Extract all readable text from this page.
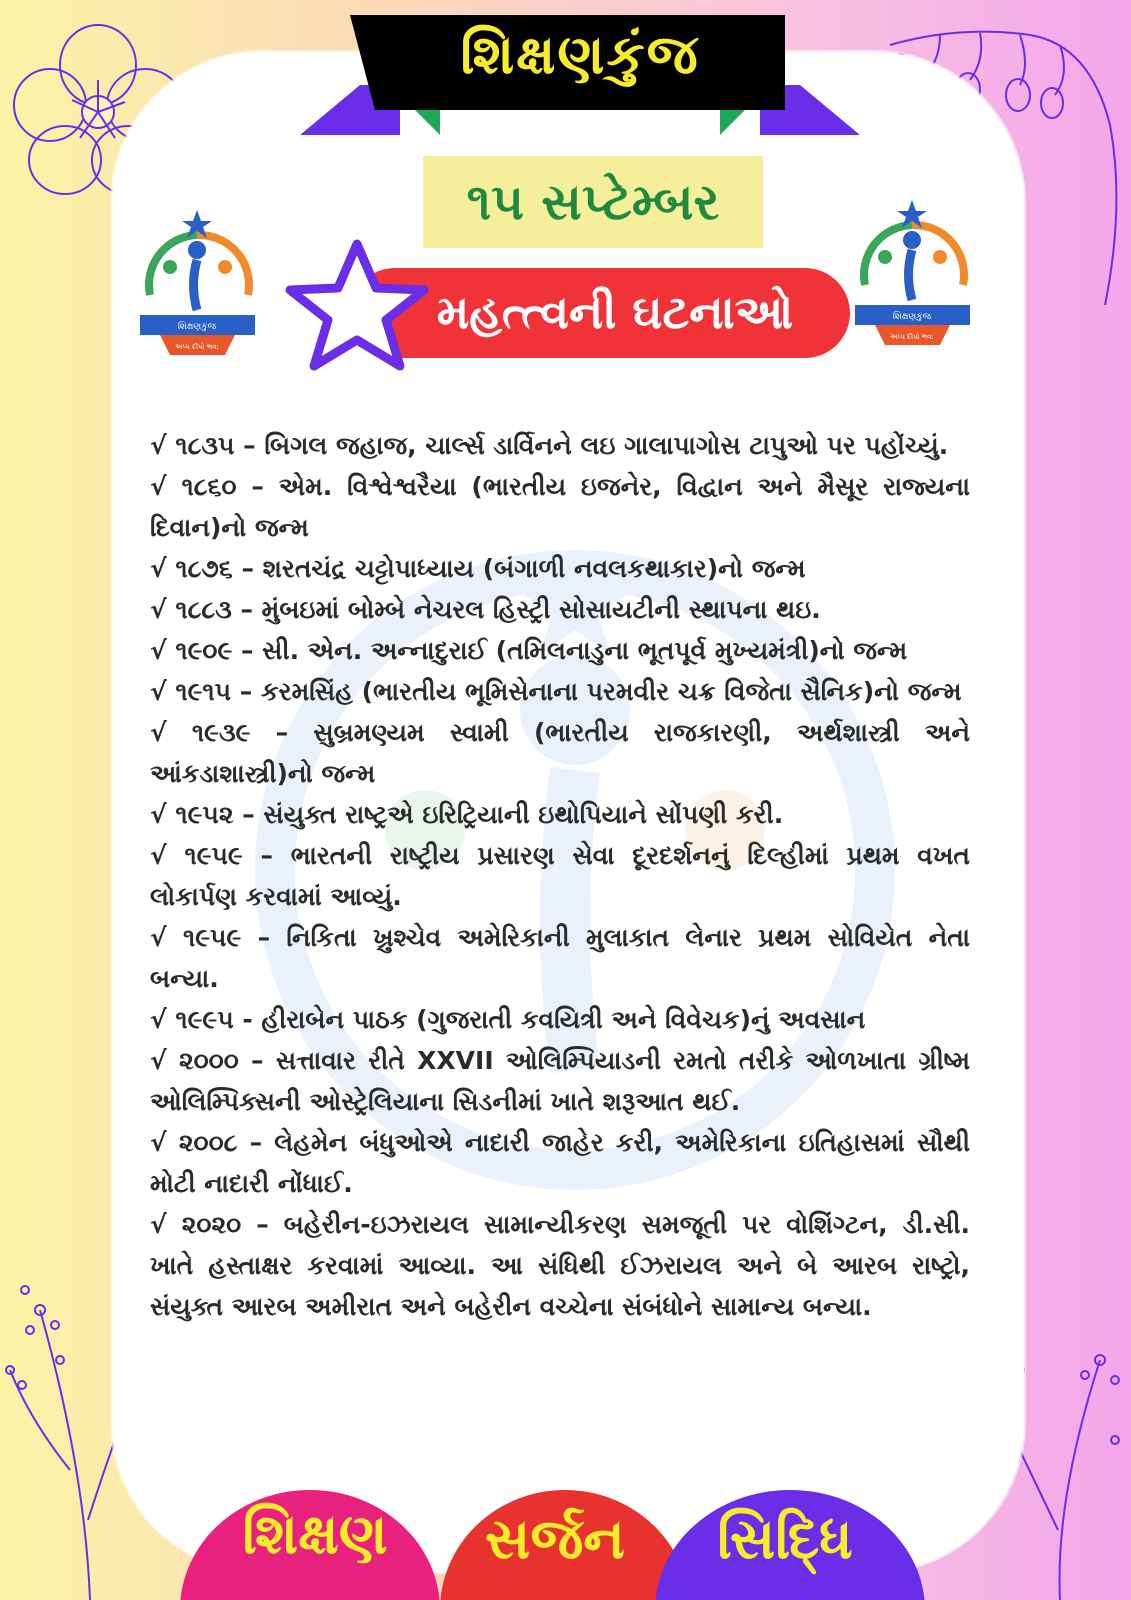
શિક્ષણકુંજ
૧૫ સપ્ટેમ્બર
મહત્ત્વની ઘટનાઓ
શિક્ષણકુંજ
અપ્પ દીપો ભવ:
શિક્ષણકુંજ
અપ્પ દીપો ભવ:

√ ૧૮૩૫ – બિગલ જહાજ, ચાર્લ્સ ડાર્વિનને લઇ ગાલાપાગોસ ટાપુઓ પર પહોંચ્યું.

√ ૧૮૬૦ – એમ. વિશ્વેશ્વરૈયા (ભારતીય ઇજનેર, વિદ્વાન અને મૈસૂર રાજ્યના દિવાન)નો જન્મ

√ ૧૮૭૬ – શરતચંદ્ર ચટ્ટોપાધ્યાય (બંગાળી નવલકથાકાર)નો જન્મ

√ ૧૮૮૩ – મુંબઇમાં બોમ્બે નેચરલ હિસ્ટ્રી સોસાયટીની સ્થાપના થઇ.

√ ૧૯૦૯ – સી. એન. અન્નાદુરાઈ (તમિલનાડુના ભૂતપૂર્વ મુખ્યમંત્રી)નો જન્મ

√ ૧૯૧૫ – કરમસિંહ (ભારતીય ભૂમિસેનાના પરમવીર ચક્ર વિજેતા સૈનિક)નો જન્મ

√ ૧૯૩૯ – સુબ્રમણ્યમ સ્વામી (ભારતીય રાજકારણી, અર્થશાસ્ત્રી અને આંકડાશાસ્ત્રી)નો જન્મ

√ ૧૯૫૨ – સંયુક્ત રાષ્ટ્રએ ઇરિટ્રિયાની ઇથોપિયાને સોંપણી કરી.

√ ૧૯૫૯ – ભારતની રાષ્ટ્રીય પ્રસારણ સેવા દૂરદર્શનનું દિલ્હીમાં પ્રથમ વખત લોકાર્પણ કરવામાં આવ્યું.

√ ૧૯૫૯ – નિકિતા ખ્રુશ્ચેવ અમેરિકાની મુલાકાત લેનાર પ્રથમ સોવિયેત નેતા બન્યા.

√ ૧૯૯૫ - હીરાબેન પાઠક (ગુજરાતી કવયિત્રી અને વિવેચક)નું અવસાન

√ ૨૦૦૦ – સત્તાવાર રીતે XXVII ઓલિમ્પિયાડની રમતો તરીકે ઓળખાતા ગ્રીષ્મ ઓલિમ્પિક્સની ઓસ્ટ્રેલિયાના સિડનીમાં ખાતે શરૂઆત થઈ.

√ ૨૦૦૮ – લેહમેન બંધુઓએ નાદારી જાહેર કરી, અમેરિકાના ઇતિહાસમાં સૌથી મોટી નાદારી નોંધાઈ.

√ ૨૦૨૦ – બહેરીન-ઇઝરાયલ સામાન્યીકરણ સમજૂતી પર વોશિંગ્ટન, ડી.સી. ખાતે હસ્તાક્ષર કરવામાં આવ્યા. આ સંધિથી ઈઝરાયલ અને બે આરબ રાષ્ટ્રો, સંયુક્ત આરબ અમીરાત અને બહેરીન વચ્ચેના સંબંધોને સામાન્ય બન્યા.

શિક્ષણ	સર્જન	સિદ્ધિ
